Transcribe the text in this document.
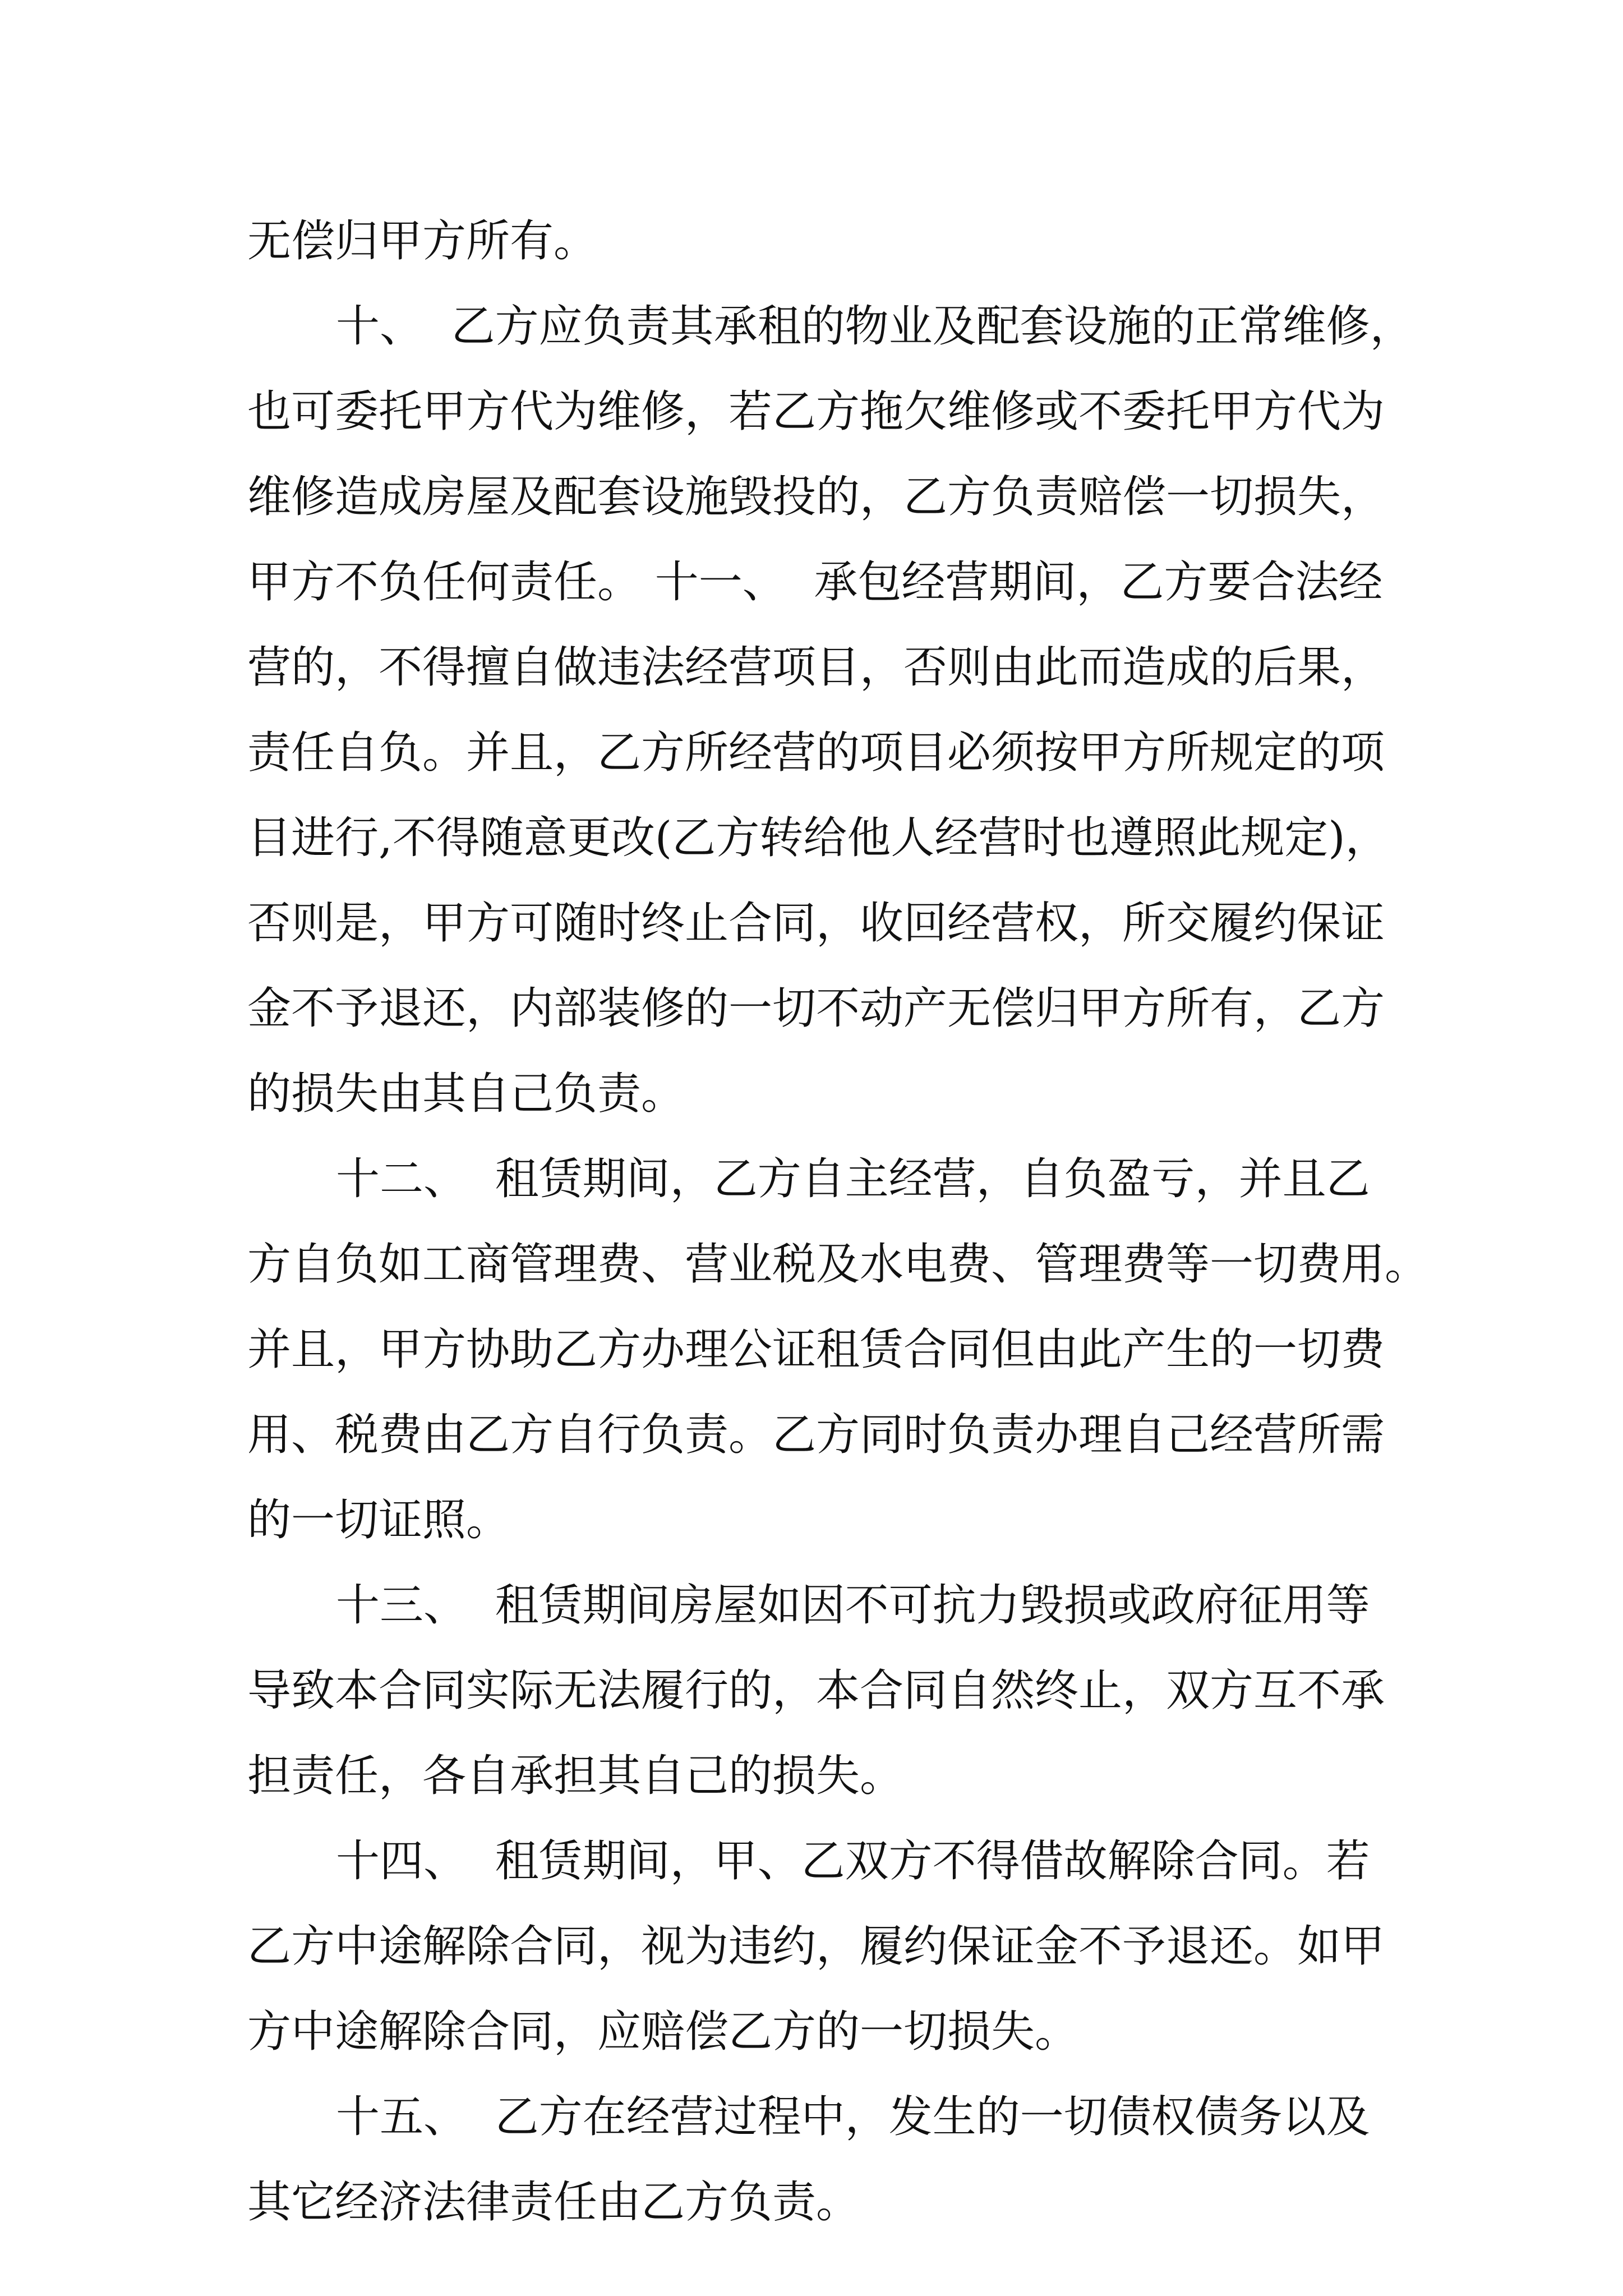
无偿归甲方所有。

十、  乙方应负责其承租的物业及配套设施的正常维修，

也可委托甲方代为维修，若乙方拖欠维修或不委托甲方代为

维修造成房屋及配套设施毁投的，乙方负责赔偿一切损失，

甲方不负任何责任。 十一、  承包经营期间，乙方要合法经

营的，不得擅自做违法经营项目，否则由此而造成的后果，

责任自负。并且，乙方所经营的项目必须按甲方所规定的项

目进行,不得随意更改(乙方转给他人经营时也遵照此规定)，

否则是，甲方可随时终止合同，收回经营权，所交履约保证

金不予退还，内部装修的一切不动产无偿归甲方所有，乙方

的损失由其自己负责。

十二、  租赁期间，乙方自主经营，自负盈亏，并且乙

方自负如工商管理费、营业税及水电费、管理费等一切费用。

并且，甲方协助乙方办理公证租赁合同但由此产生的一切费

用、税费由乙方自行负责。乙方同时负责办理自己经营所需

的一切证照。

十三、  租赁期间房屋如因不可抗力毁损或政府征用等

导致本合同实际无法履行的，本合同自然终止，双方互不承

担责任，各自承担其自己的损失。

十四、  租赁期间，甲、乙双方不得借故解除合同。若

乙方中途解除合同，视为违约，履约保证金不予退还。如甲

方中途解除合同，应赔偿乙方的一切损失。

十五、  乙方在经营过程中，发生的一切债权债务以及

其它经济法律责任由乙方负责。
